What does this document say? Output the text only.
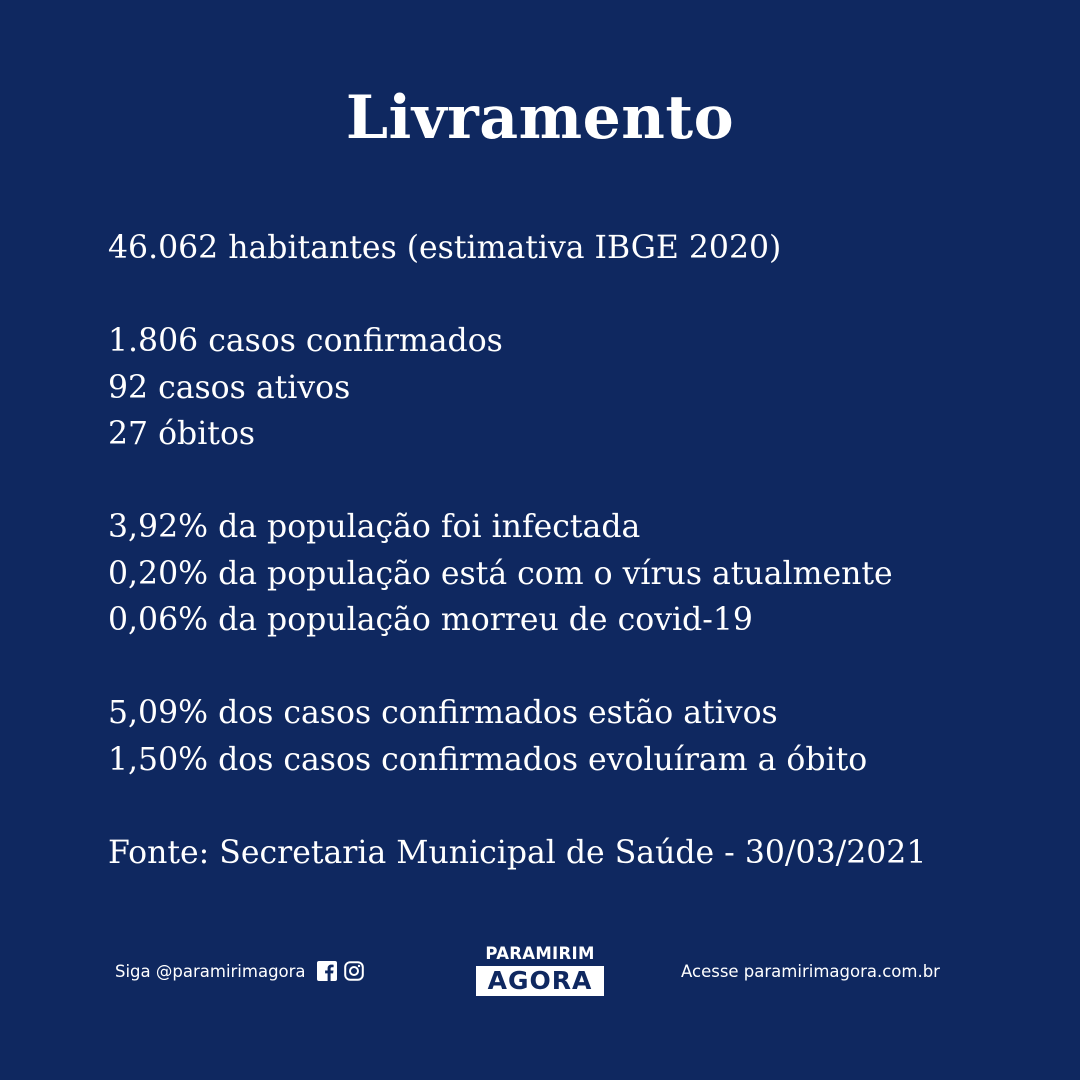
Livramento
46.062 habitantes (estimativa IBGE 2020)
1.806 casos confirmados
92 casos ativos
27 óbitos
3,92% da população foi infectada
0,20% da população está com o vírus atualmente
0,06% da população morreu de covid-19
5,09% dos casos confirmados estão ativos
1,50% dos casos confirmados evoluíram a óbito
Fonte: Secretaria Municipal de Saúde - 30/03/2021
Siga @paramirimagora
PARAMIRIM
AGORA	Acesse paramirimagora.com.br
